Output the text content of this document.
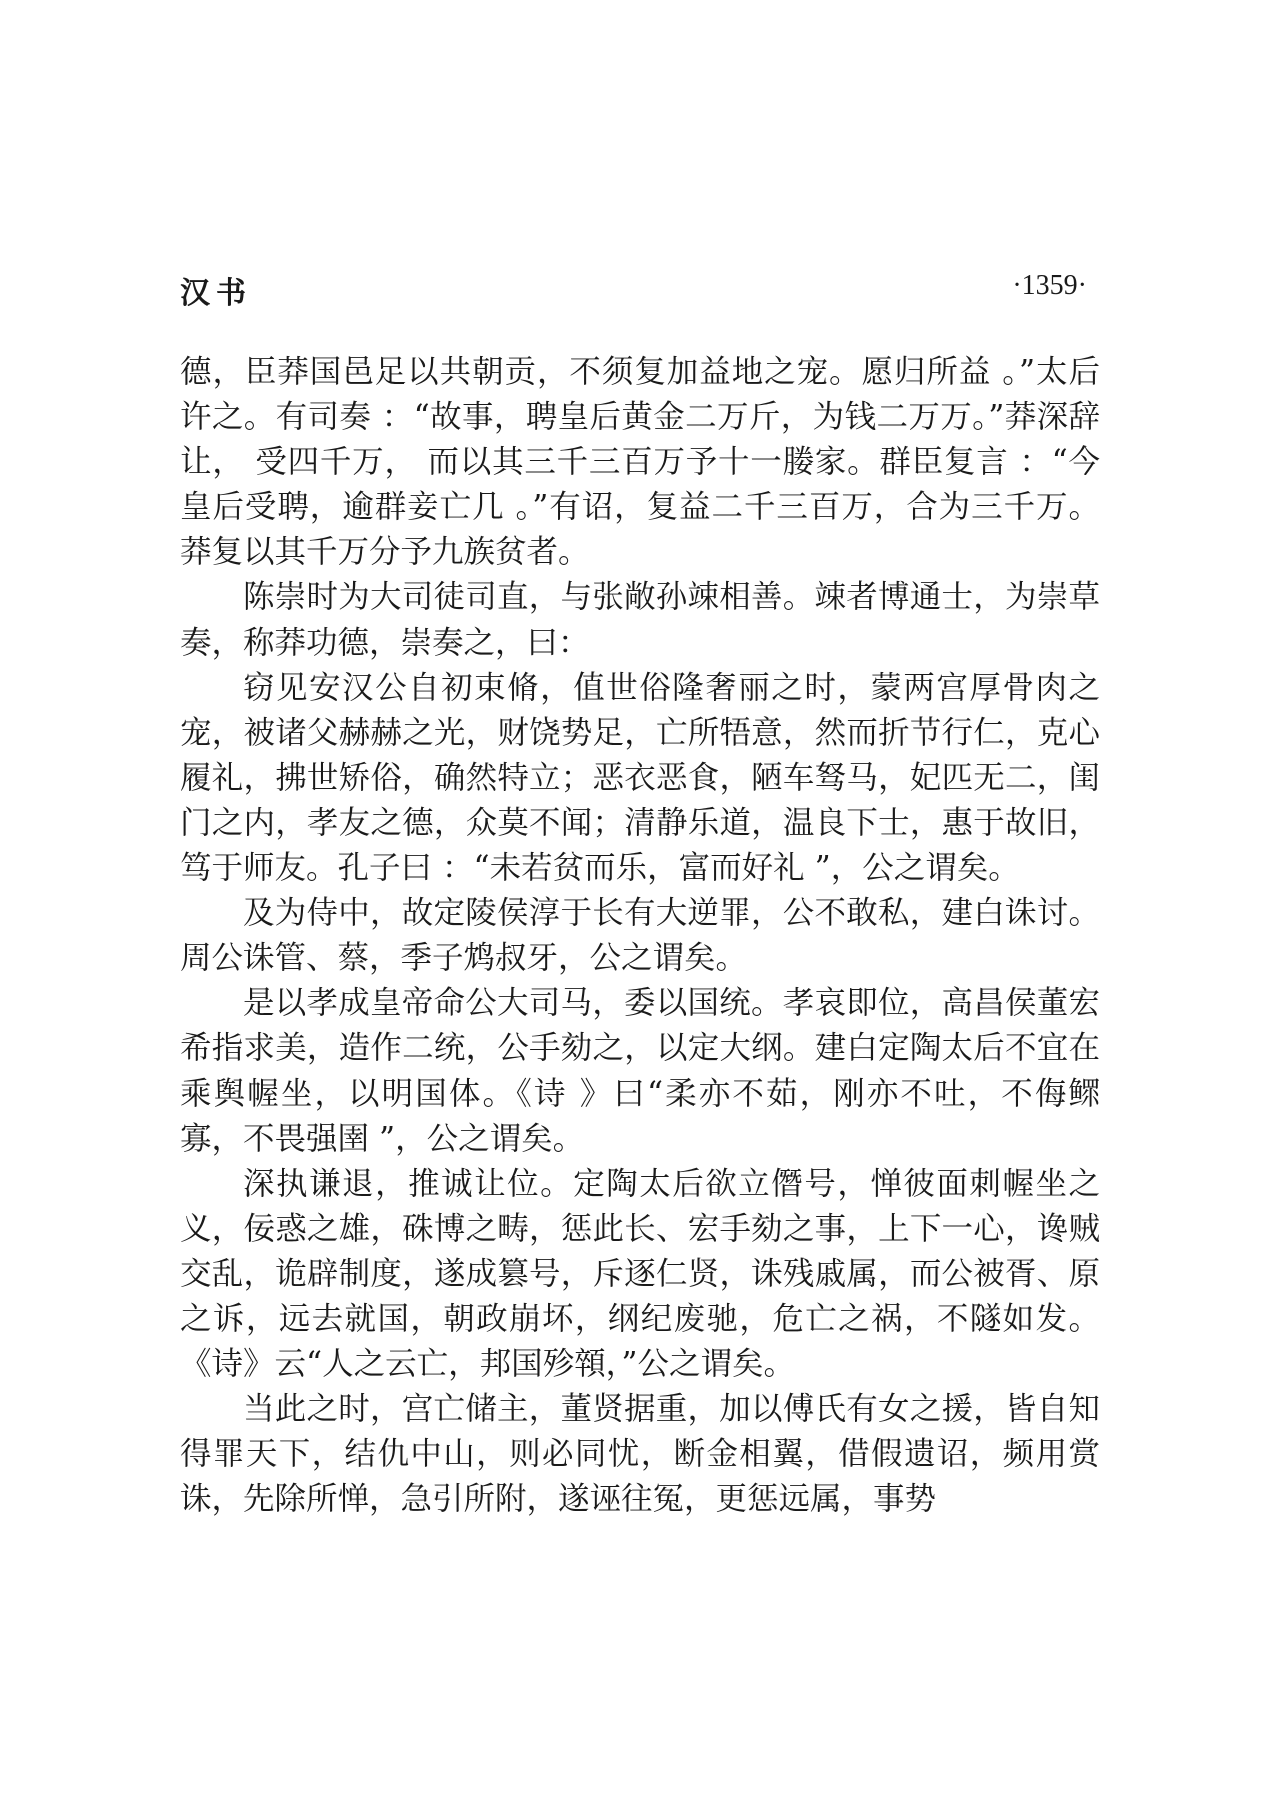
汉书	·1359·

德，臣莽国邑足以共朝贡，不须复加益地之宠。愿归所益 。”太后许之。有司奏 ：“故事，聘皇后黄金二万斤，为钱二万万。”莽深辞让， 受四千万， 而以其三千三百万予十一媵家。群臣复言 ：“今皇后受聘，逾群妾亡几 。”有诏，复益二千三百万，合为三千万。莽复以其千万分予九族贫者。

陈崇时为大司徒司直，与张敞孙竦相善。竦者博通士，为崇草奏，称莽功德，崇奏之，曰：

窃见安汉公自初束脩，值世俗隆奢丽之时，蒙两宫厚骨肉之宠，被诸父赫赫之光，财饶势足，亡所牾意，然而折节行仁，克心履礼，拂世矫俗，确然特立；恶衣恶食，陋车驽马，妃匹无二，闺门之内，孝友之德，众莫不闻；清静乐道，温良下士，惠于故旧，笃于师友。孔子曰 ：“未若贫而乐，富而好礼 ”，公之谓矣。

及为侍中，故定陵侯淳于长有大逆罪，公不敢私，建白诛讨。周公诛管、蔡，季子鸩叔牙，公之谓矣。

是以孝成皇帝命公大司马，委以国统。孝哀即位，高昌侯董宏希指求美，造作二统，公手劾之，以定大纲。建白定陶太后不宜在乘舆幄坐，以明国体。《诗 》曰“柔亦不茹，刚亦不吐，不侮鳏寡，不畏强圉 ”，公之谓矣。

深执谦退，推诚让位。定陶太后欲立僭号，惮彼面刺幄坐之义，佞惑之雄，硃博之畴，惩此长、宏手劾之事，上下一心，谗贼交乱，诡辟制度，遂成篡号，斥逐仁贤，诛残戚属，而公被胥、原之诉，远去就国，朝政崩坏，纲纪废驰，危亡之祸，不隧如发。《诗》云“人之云亡，邦国殄顇，”公之谓矣。

当此之时，宫亡储主，董贤据重，加以傅氏有女之援，皆自知得罪天下，结仇中山，则必同忧，断金相翼，借假遗诏，频用赏诛，先除所惮，急引所附，遂诬往冤，更惩远属，事势
